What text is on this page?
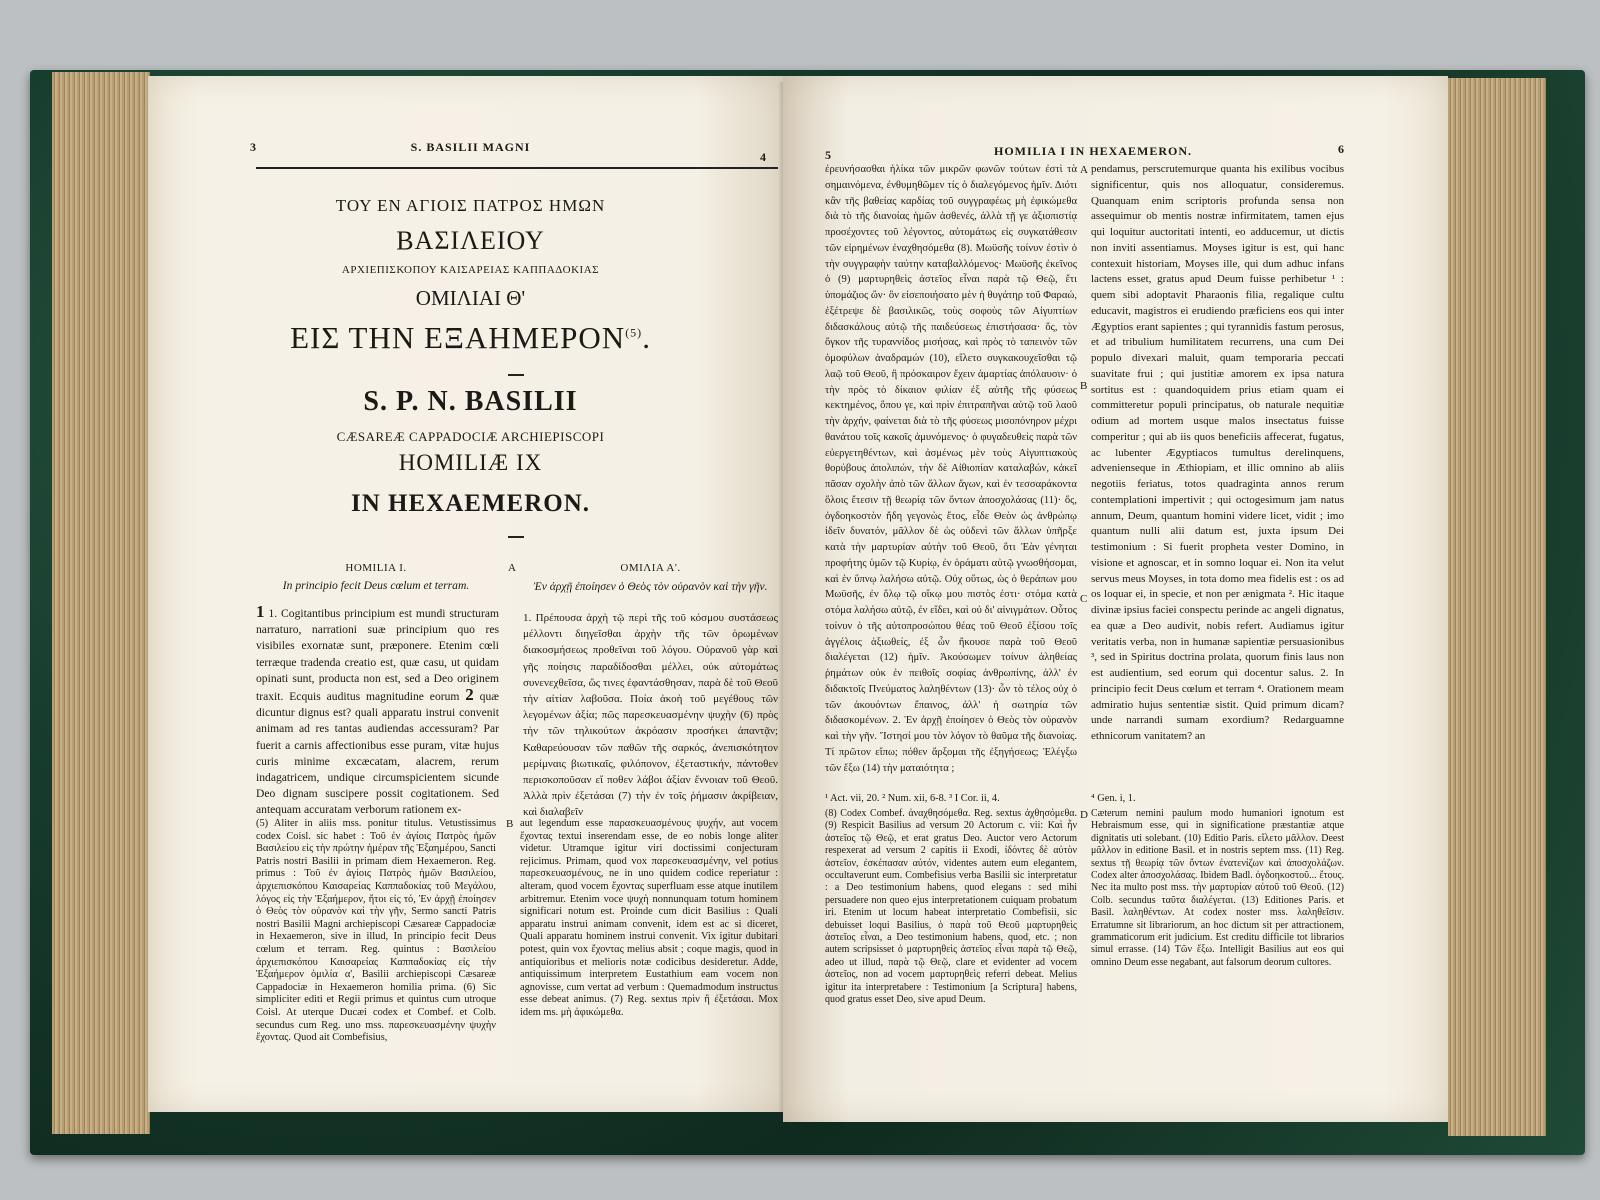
3	S. BASILII MAGNI
4
ΤΟΥ ΕΝ ΑΓΙΟΙΣ ΠΑΤΡΟΣ ΗΜΩΝ
ΒΑΣΙΛΕΙΟΥ
ΑΡΧΙΕΠΙΣΚΟΠΟΥ ΚΑΙΣΑΡΕΙΑΣ ΚΑΠΠΑΔΟΚΙΑΣ
ΟΜΙΛΙΑΙ Θ'
ΕΙΣ ΤΗΝ ΕΞΑΗΜΕΡΟΝ$^{(5)}$.
S. P. N. BASILII
CÆSAREÆ CAPPADOCIÆ ARCHIEPISCOPI
HOMILIÆ IX
IN HEXAEMERON.
HOMILIA I.	A	ΟΜΙΛΙΑ Α'.
In principio fecit Deus cœlum et terram.	Ἐν ἀρχῇ ἐποίησεν ὁ Θεὸς τὸν οὐρανὸν καὶ τὴν γῆν.
1 1. Cogitantibus principium est mundi structuram narraturo, narrationi suæ principium quo res visibiles exornatæ sunt, præponere. Etenim cœli terræque tradenda creatio est, quæ casu, ut quidam opinati sunt, producta non est, sed a Deo originem traxit. Ecquis auditus magnitudine eorum 2 quæ dicuntur dignus est? quali apparatu instrui convenit animam ad res tantas audiendas accessuram? Par fuerit a carnis affectionibus esse puram, vitæ hujus curis minime excæcatam, alacrem, rerum indagatricem, undique circumspicientem sicunde Deo dignam suscipere possit cogitationem. Sed antequam accuratam verborum rationem ex-
1. Πρέπουσα ἀρχὴ τῷ περὶ τῆς τοῦ κόσμου συστάσεως μέλλοντι διηγεῖσθαι ἀρχὴν τῆς τῶν ὁρωμένων διακοσμήσεως προθεῖναι τοῦ λόγου. Οὐρανοῦ γὰρ καὶ γῆς ποίησις παραδίδοσθαι μέλλει, οὐκ αὐτομάτως συνενεχθεῖσα, ὥς τινες ἐφαντάσθησαν, παρὰ δὲ τοῦ Θεοῦ τὴν αἰτίαν λαβοῦσα. Ποία ἀκοὴ τοῦ μεγέθους τῶν λεγομένων ἀξία; πῶς παρεσκευασμένην ψυχὴν (6) πρὸς τὴν τῶν τηλικούτων ἀκρόασιν προσήκει ἀπαντᾷν; Καθαρεύουσαν τῶν παθῶν τῆς σαρκός, ἀνεπισκότητον μερίμναις βιωτικαῖς, φιλόπονον, ἐξεταστικήν, πάντοθεν περισκοποῦσαν εἴ ποθεν λάβοι ἀξίαν ἔννοιαν τοῦ Θεοῦ. Ἀλλὰ πρὶν ἐξετάσαι (7) τὴν ἐν τοῖς ῥήμασιν ἀκρίβειαν, καὶ διαλαβεῖν
(5) Aliter in aliis mss. ponitur titulus. Vetustissimus codex Coisl. sic habet : Τοῦ ἐν ἁγίοις Πατρὸς ἡμῶν Βασιλείου εἰς τὴν πρώτην ἡμέραν τῆς Ἑξαημέρου, Sancti Patris nostri Basilii in primam diem Hexaemeron. Reg. primus : Τοῦ ἐν ἁγίοις Πατρὸς ἡμῶν Βασιλείου, ἀρχιεπισκόπου Καισαρείας Καππαδοκίας τοῦ Μεγάλου, λόγος εἰς τὴν Ἑξαήμερον, ἤτοι εἰς τό, Ἐν ἀρχῇ ἐποίησεν ὁ Θεὸς τὸν οὐρανὸν καὶ τὴν γῆν, Sermo sancti Patris nostri Basilii Magni archiepiscopi Cæsareæ Cappadociæ in Hexaemeron, sive in illud, In principio fecit Deus cœlum et terram. Reg. quintus : Βασιλείου ἀρχιεπισκόπου Καισαρείας Καππαδοκίας εἰς τὴν Ἑξαήμερον ὁμιλία α', Basilii archiepiscopi Cæsareæ Cappadociæ in Hexaemeron homilia prima. (6) Sic simpliciter editi et Regii primus et quintus cum utroque Coisl. At uterque Ducæi codex et Combef. et Colb. secundus cum Reg. uno mss. παρεσκευασμένην ψυχὴν ἔχοντας. Quod ait Combefisius,
B aut legendum esse παρασκευασμένους ψυχήν, aut vocem ἔχοντας textui inserendam esse, de eo nobis longe aliter videtur. Utramque igitur viri doctissimi conjecturam rejicimus. Primam, quod vox παρεσκευασμένην, vel potius παρεσκευασμένους, ne in uno quidem codice reperiatur : alteram, quod vocem ἔχοντας superfluam esse atque inutilem arbitremur. Etenim voce ψυχὴ nonnunquam totum hominem significari notum est. Proinde cum dicit Basilius : Quali apparatu instrui animam convenit, idem est ac si diceret, Quali apparatu hominem instrui convenit. Vix igitur dubitari potest, quin vox ἔχοντας melius absit ; coque magis, quod in antiquioribus et melioris notæ codicibus desideretur. Adde, antiquissimum interpretem Eustathium eam vocem non agnovisse, cum vertat ad verbum : Quemadmodum instructus esse debeat animus. (7) Reg. sextus πρὶν ἢ ἐξετάσαι. Mox idem ms. μὴ ἀφικώμεθα.
5	HOMILIA I IN HEXAEMERON.	6
ἐρευνήσασθαι ἡλίκα τῶν μικρῶν φωνῶν τούτων ἐστὶ τὰ σημαινόμενα, ἐνθυμηθῶμεν τίς ὁ διαλεγόμενος ἡμῖν. Διότι κἂν τῆς βαθείας καρδίας τοῦ συγγραφέως μὴ ἐφικώμεθα διὰ τὸ τῆς διανοίας ἡμῶν ἀσθενές, ἀλλὰ τῇ γε ἀξιοπιστίᾳ προσέχοντες τοῦ λέγοντος, αὐτομάτως εἰς συγκατάθεσιν τῶν εἰρημένων ἐναχθησόμεθα (8). Μωϋσῆς τοίνυν ἐστὶν ὁ τὴν συγγραφὴν ταύτην καταβαλλόμενος· Μωϋσῆς ἐκεῖνος ὁ (9) μαρτυρηθεὶς ἀστεῖος εἶναι παρὰ τῷ Θεῷ, ἔτι ὑπομάζιος ὤν· ὃν εἰσεποιήσατο μὲν ἡ θυγάτηρ τοῦ Φαραώ, ἐξέτρεψε δὲ βασιλικῶς, τοὺς σοφοὺς τῶν Αἰγυπτίων διδασκάλους αὐτῷ τῆς παιδεύσεως ἐπιστήσασα· ὅς, τὸν ὄγκον τῆς τυραννίδος μισήσας, καὶ πρὸς τὸ ταπεινὸν τῶν ὁμοφύλων ἀναδραμών (10), εἵλετο συγκακουχεῖσθαι τῷ λαῷ τοῦ Θεοῦ, ἢ πρόσκαιρον ἔχειν ἁμαρτίας ἀπόλαυσιν· ὁ τὴν πρὸς τὸ δίκαιον φιλίαν ἐξ αὐτῆς τῆς φύσεως κεκτημένος, ὅπου γε, καὶ πρὶν ἐπιτραπῆναι αὐτῷ τοῦ λαοῦ τὴν ἀρχήν, φαίνεται διὰ τὸ τῆς φύσεως μισοπόνηρον μέχρι θανάτου τοῖς κακοῖς ἀμυνόμενος· ὁ φυγαδευθεὶς παρὰ τῶν εὐεργετηθέντων, καὶ ἀσμένως μὲν τοὺς Αἰγυπτιακοὺς θορύβους ἀπολιπών, τὴν δὲ Αἰθιοπίαν καταλαβών, κἀκεῖ πᾶσαν σχολὴν ἀπὸ τῶν ἄλλων ἄγων, καὶ ἐν τεσσαράκοντα ὅλοις ἔτεσιν τῇ θεωρίᾳ τῶν ὄντων ἀποσχολάσας (11)· ὅς, ὀγδοηκοστὸν ἤδη γεγονὼς ἔτος, εἶδε Θεὸν ὡς ἀνθρώπῳ ἰδεῖν δυνατόν, μᾶλλον δὲ ὡς οὐδενὶ τῶν ἄλλων ὑπῆρξε κατὰ τὴν μαρτυρίαν αὐτὴν τοῦ Θεοῦ, ὅτι Ἐὰν γένηται προφήτης ὑμῶν τῷ Κυρίῳ, ἐν ὁράματι αὐτῷ γνωσθήσομαι, καὶ ἐν ὕπνῳ λαλήσω αὐτῷ. Οὐχ οὕτως, ὡς ὁ θεράπων μου Μωϋσῆς, ἐν ὅλῳ τῷ οἴκῳ μου πιστὸς ἐστι· στόμα κατὰ στόμα λαλήσω αὐτῷ, ἐν εἴδει, καὶ οὐ δι' αἰνιγμάτων. Οὗτος τοίνυν ὁ τῆς αὐτοπροσώπου θέας τοῦ Θεοῦ ἐξίσου τοῖς ἀγγέλοις ἀξιωθείς, ἐξ ὧν ἤκουσε παρὰ τοῦ Θεοῦ διαλέγεται (12) ἡμῖν. Ἀκούσωμεν τοίνυν ἀληθείας ῥημάτων οὐκ ἐν πειθοῖς σοφίας ἀνθρωπίνης, ἀλλ' ἐν διδακτοῖς Πνεύματος λαληθέντων (13)· ὧν τὸ τέλος οὐχ ὁ τῶν ἀκουόντων ἔπαινος, ἀλλ' ἡ σωτηρία τῶν διδασκομένων. 2. Ἐν ἀρχῇ ἐποίησεν ὁ Θεὸς τὸν οὐρανὸν καὶ τὴν γῆν. Ἵστησί μου τὸν λόγον τὸ θαῦμα τῆς διανοίας. Τί πρῶτον εἴπω; πόθεν ἄρξομαι τῆς ἐξηγήσεως; Ἐλέγξω τῶν ἔξω (14) τὴν ματαιότητα ;
¹ Act. vii, 20. ² Num. xii, 6-8. ³ I Cor. ii, 4.
A
B
C
D
pendamus, perscrutemurque quanta his exilibus vocibus significentur, quis nos alloquatur, consideremus. Quanquam enim scriptoris profunda sensa non assequimur ob mentis nostræ infirmitatem, tamen ejus qui loquitur auctoritati intenti, eo adducemur, ut dictis non inviti assentiamus. Moyses igitur is est, qui hanc contexuit historiam, Moyses ille, qui dum adhuc infans lactens esset, gratus apud Deum fuisse perhibetur ¹ : quem sibi adoptavit Pharaonis filia, regalique cultu educavit, magistros ei erudiendo præficiens eos qui inter Ægyptios erant sapientes ; qui tyrannidis fastum perosus, et ad tribulium humilitatem recurrens, una cum Dei populo divexari maluit, quam temporaria peccati suavitate frui ; qui justitiæ amorem ex ipsa natura sortitus est : quandoquidem prius etiam quam ei committeretur populi principatus, ob naturale nequitiæ odium ad mortem usque malos insectatus fuisse comperitur ; qui ab iis quos beneficiis affecerat, fugatus, ac lubenter Ægyptiacos tumultus derelinquens, advenienseque in Æthiopiam, et illic omnino ab aliis negotiis feriatus, totos quadraginta annos rerum contemplationi impertivit ; qui octogesimum jam natus annum, Deum, quantum homini videre licet, vidit ; imo quantum nulli alii datum est, juxta ipsum Dei testimonium : Si fuerit propheta vester Domino, in visione et agnoscar, et in somno loquar ei. Non ita velut servus meus Moyses, in tota domo mea fidelis est : os ad os loquar ei, in specie, et non per ænigmata ². Hic itaque divinæ ipsius faciei conspectu perinde ac angeli dignatus, ea quæ a Deo audivit, nobis refert. Audiamus igitur veritatis verba, non in humanæ sapientiæ persuasionibus ³, sed in Spiritus doctrina prolata, quorum finis laus non est audientium, sed eorum qui docentur salus. 2. In principio fecit Deus cœlum et terram ⁴. Orationem meam admiratio hujus sententiæ sistit. Quid primum dicam? unde narrandi sumam exordium? Redarguamne ethnicorum vanitatem? an
⁴ Gen. i, 1.
(8) Codex Combef. ἀναχθησόμεθα. Reg. sextus ἀχθησόμεθα. (9) Respicit Basilius ad versum 20 Actorum c. vii: Καὶ ἦν ἀστεῖος τῷ Θεῷ, et erat gratus Deo. Auctor vero Actorum respexerat ad versum 2 capitis ii Exodi, ἰδόντες δὲ αὐτὸν ἀστεῖον, ἐσκέπασαν αὐτόν, videntes autem eum elegantem, occultaverunt eum. Combefisius verba Basilii sic interpretatur : a Deo testimonium habens, quod elegans : sed mihi persuadere non queo ejus interpretationem cuiquam probatum iri. Etenim ut locum habeat interpretatio Combefisii, sic debuisset loqui Basilius, ὁ παρὰ τοῦ Θεοῦ μαρτυρηθεὶς ἀστεῖος εἶναι, a Deo testimonium habens, quod, etc. ; non autem scripsisset ὁ μαρτυρηθεὶς ἀστεῖος εἶναι παρὰ τῷ Θεῷ, adeo ut illud, παρὰ τῷ Θεῷ, clare et evidenter ad vocem ἀστεῖος, non ad vocem μαρτυρηθεὶς referri debeat. Melius igitur ita interpretabere : Testimonium [a Scriptura] habens, quod gratus esset Deo, sive apud Deum.
Cæterum nemini paulum modo humaniori ignotum est Hebraismum esse, qui in significatione præstantiæ atque dignitatis uti solebant. (10) Editio Paris. εἵλετο μᾶλλον. Deest μᾶλλον in editione Basil. et in nostris septem mss. (11) Reg. sextus τῇ θεωρίᾳ τῶν ὄντων ἐνατενίζων καὶ ἀποσχολάζων. Codex alter ἀποσχολάσας. Ibidem Badl. ὀγδοηκοστοῦ... ἔτους. Nec ita multo post mss. τὴν μαρτυρίαν αὐτοῦ τοῦ Θεοῦ. (12) Colb. secundus ταῦτα διαλέγεται. (13) Editiones Paris. et Basil. λαληθέντων. At codex noster mss. λαληθεῖσιν. Erratumne sit librariorum, an hoc dictum sit per attractionem, grammaticorum erit judicium. Est creditu difficile tot librarios simul errasse. (14) Τῶν ἔξω. Intelligit Basilius aut eos qui omnino Deum esse negabant, aut falsorum deorum cultores.
